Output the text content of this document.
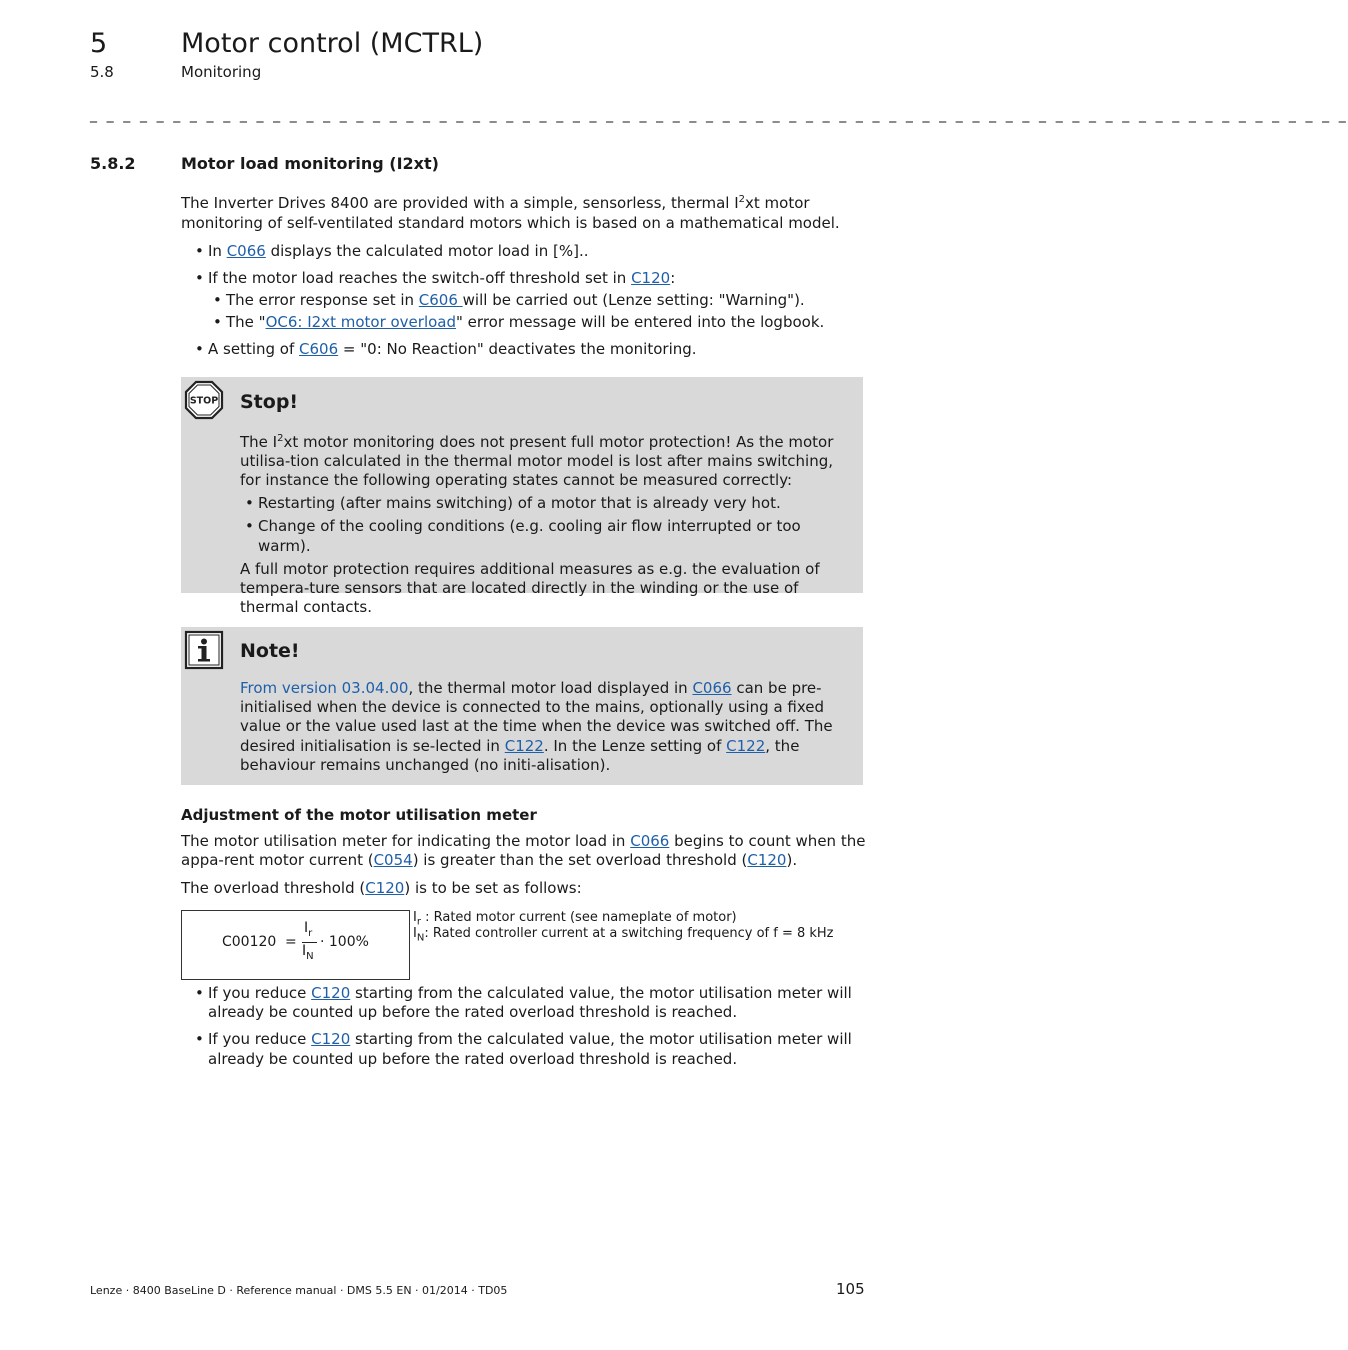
5	Motor control (MCTRL)
5.8	Monitoring
_ _ _ _ _ _ _ _ _ _ _ _ _ _ _ _ _ _ _ _ _ _ _ _ _ _ _ _ _ _ _ _ _ _ _ _ _ _ _ _ _ _ _ _ _ _ _ _ _ _ _ _ _ _ _ _ _ _ _ _ _ _ _ _ _ _ _ _ _ _ _ _ _ _ _ _
5.8.2	Motor load monitoring (I2xt)

The Inverter Drives 8400 are provided with a simple, sensorless, thermal $I^2xt$ motor monitoring of self-ventilated standard motors which is based on a mathematical model.

• In C066 displays the calculated motor load in [%]..
• If the motor load reaches the switch-off threshold set in C120:
• The error response set in C606 will be carried out (Lenze setting: "Warning").
• The "OC6: I2xt motor overload" error message will be entered into the logbook.
• A setting of C606 = "0: No Reaction" deactivates the monitoring.
STOP Stop!

The $I^2xt$ motor monitoring does not present full motor protection! As the motor utilisa-tion calculated in the thermal motor model is lost after mains switching, for instance the following operating states cannot be measured correctly:

• Restarting (after mains switching) of a motor that is already very hot.
• Change of the cooling conditions (e.g. cooling air flow interrupted or too warm).

A full motor protection requires additional measures as e.g. the evaluation of tempera-ture sensors that are located directly in the winding or the use of thermal contacts.

Note!

From version 03.04.00, the thermal motor load displayed in C066 can be pre-initialised when the device is connected to the mains, optionally using a fixed value or the value used last at the time when the device was switched off. The desired initialisation is se-lected in C122. In the Lenze setting of C122, the behaviour remains unchanged (no initi-alisation).

Adjustment of the motor utilisation meter

The motor utilisation meter for indicating the motor load in C066 begins to count when the appa-rent motor current (C054) is greater than the set overload threshold (C120).

The overload threshold (C120) is to be set as follows:

C00120 =
$I_r$
$I_N$
· 100%
$I_r$ : Rated motor current (see nameplate of motor)
$I_N$: Rated controller current at a switching frequency of f = 8 kHz
• If you reduce C120 starting from the calculated value, the motor utilisation meter will already be counted up before the rated overload threshold is reached.
• If you reduce C120 starting from the calculated value, the motor utilisation meter will already be counted up before the rated overload threshold is reached.
Lenze · 8400 BaseLine D · Reference manual · DMS 5.5 EN · 01/2014 · TD05	105
